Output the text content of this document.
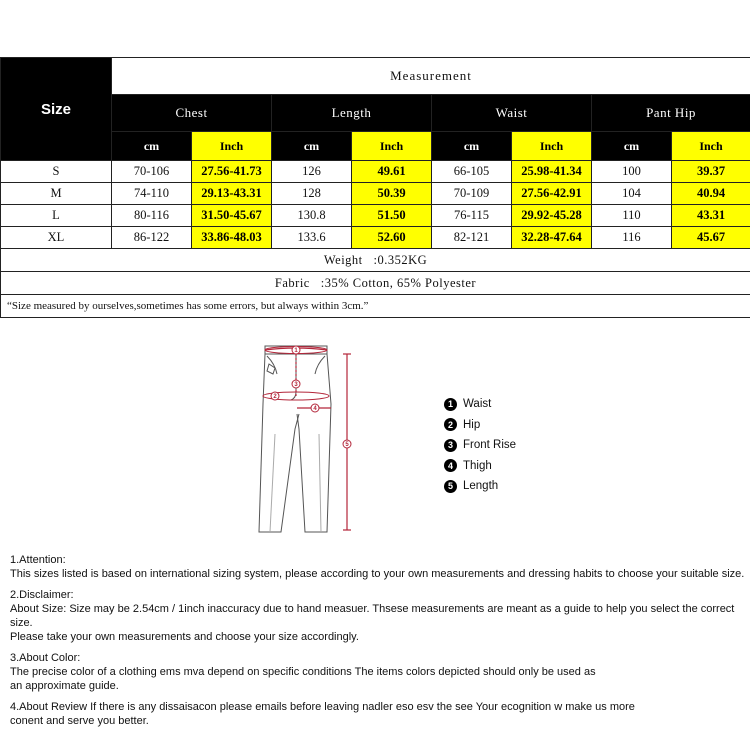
Size	Measurement							
	Chest		Length		Waist		Pant Hip	
	cm	Inch	cm	Inch	cm	Inch	cm	Inch
S	70-106	27.56-41.73	126	49.61	66-105	25.98-41.34	100	39.37
M	74-110	29.13-43.31	128	50.39	70-109	27.56-42.91	104	40.94
L	80-116	31.50-45.67	130.8	51.50	76-115	29.92-45.28	110	43.31
XL	86-122	33.86-48.03	133.6	52.60	82-121	32.28-47.64	116	45.67
Weight   :0.352KG								
Fabric   :35% Cotton, 65% Polyester								
“Size measured by ourselves,sometimes has some errors, but always within 3cm.”								
1
2
3
4
5
1 Waist
2 Hip
3 Front Rise
4 Thigh
5 Length

1.Attention:

This sizes listed is based on international sizing system, please according to your own measurements and dressing habits to choose your suitable size.

2.Disclaimer:

About Size: Size may be 2.54cm / 1inch inaccuracy due to hand measuer. Thsese measurements are meant as a guide to help you select the correct size.

Please take your own measurements and choose your size accordingly.

3.About Color:

The precise color of a clothing ems mva depend on specific conditions The items colors depicted should only be used as

an approximate guide.

4.About Review If there is any dissaisacon please emails before leaving nadler eso esv the see Your ecognition w make us more

conent and serve you better.
